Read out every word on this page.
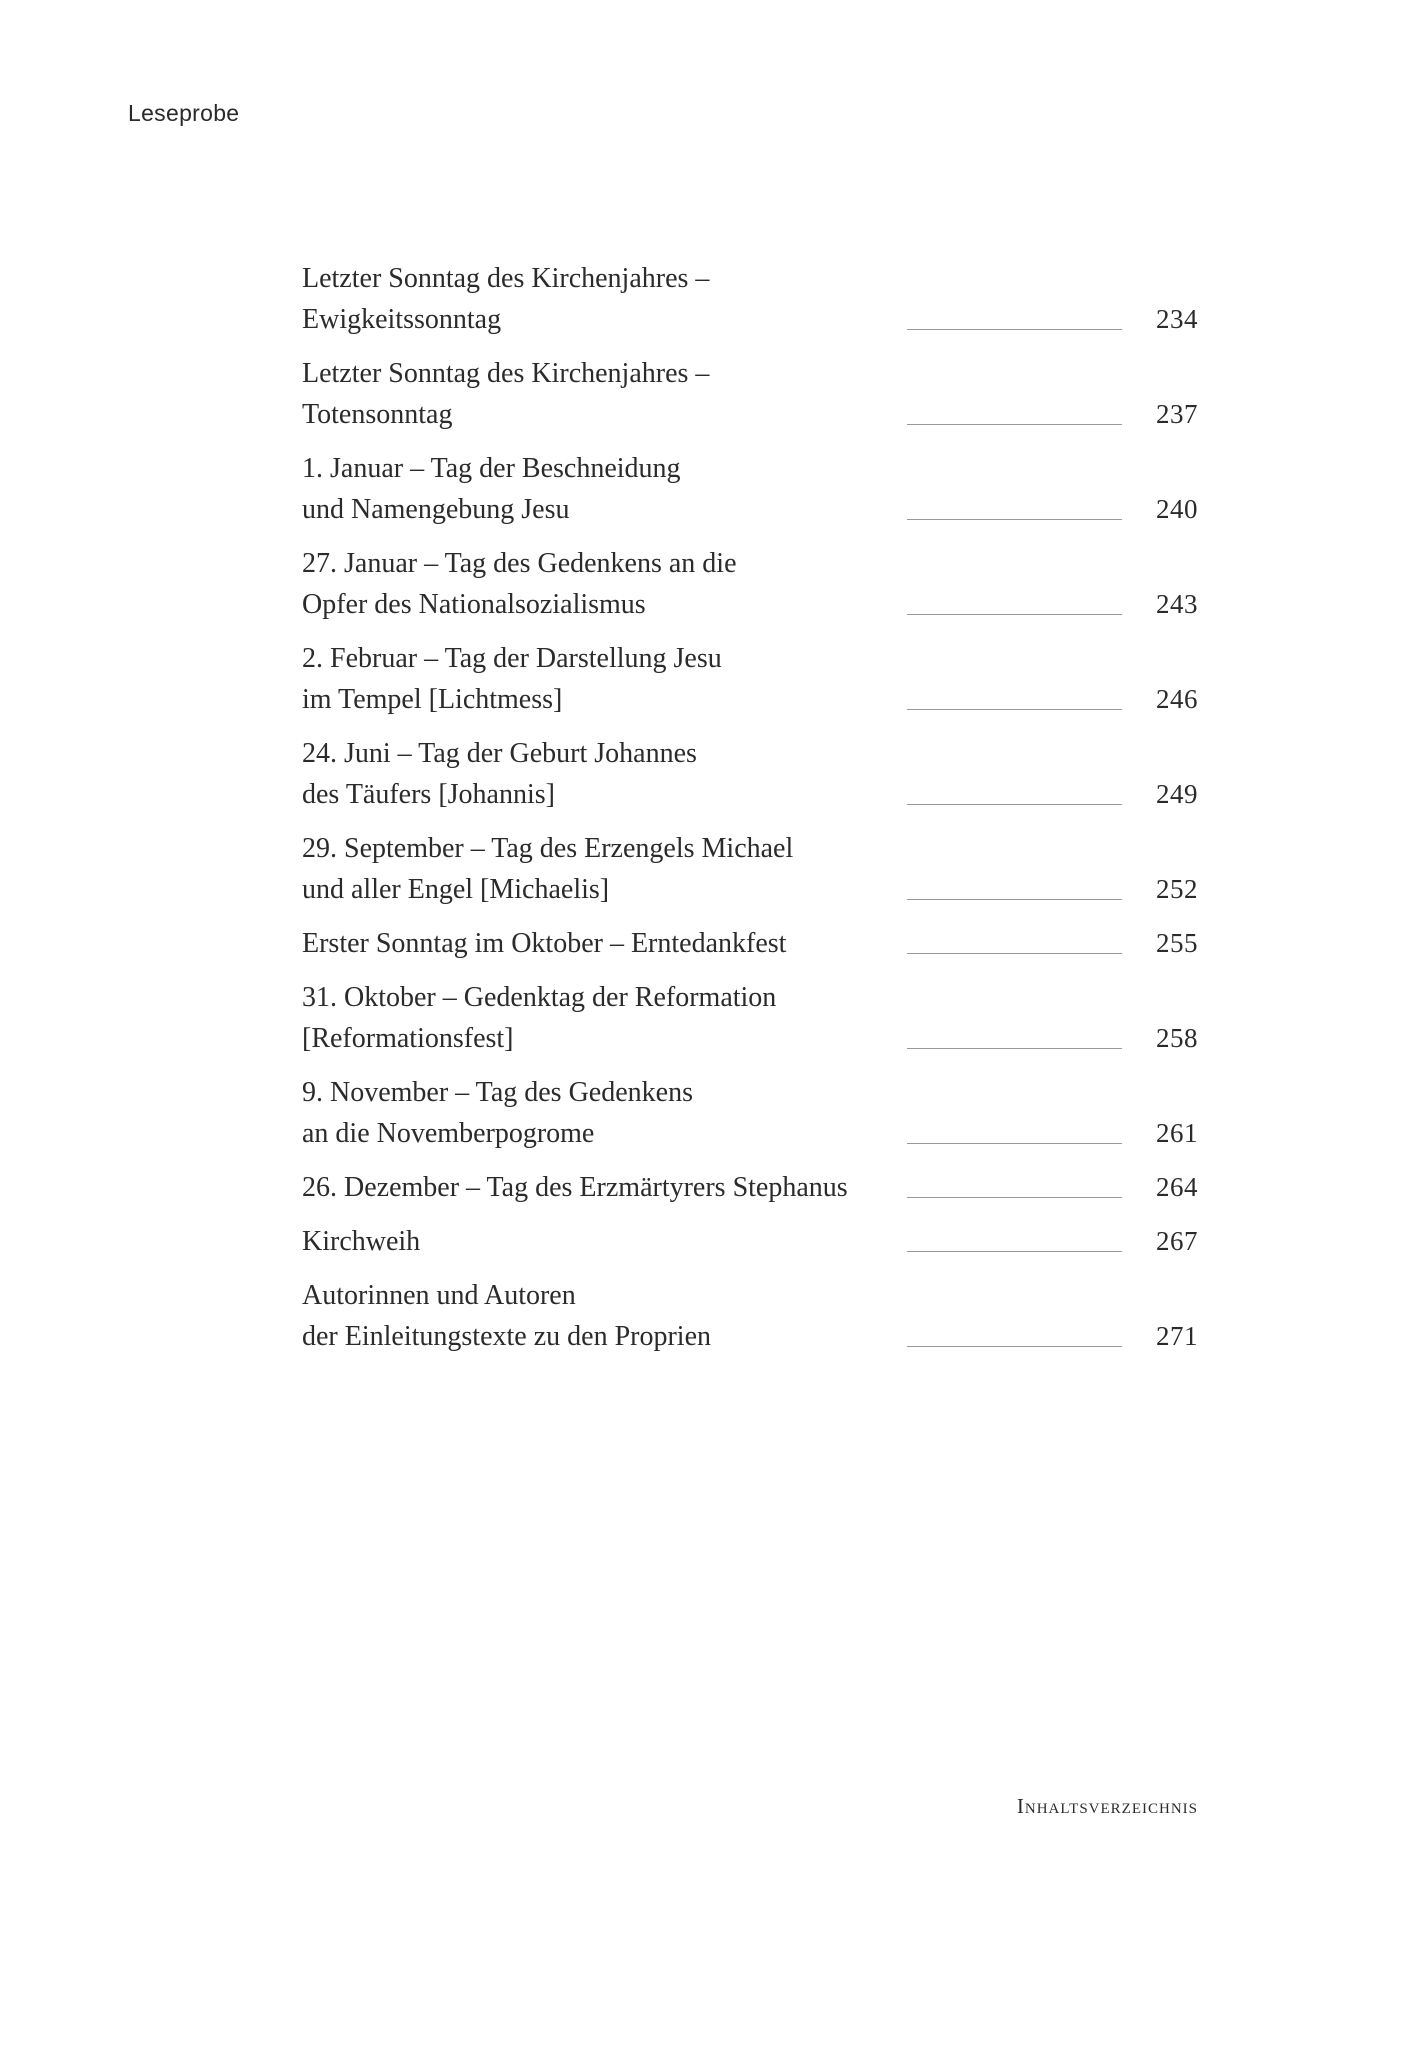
Leseprobe
Letzter Sonntag des Kirchenjahres –
Ewigkeitssonntag	234
Letzter Sonntag des Kirchenjahres –
Totensonntag	237
1. Januar – Tag der Beschneidung
und Namengebung Jesu	240
27. Januar – Tag des Gedenkens an die
Opfer des Nationalsozialismus	243
2. Februar – Tag der Darstellung Jesu
im Tempel [Lichtmess]	246
24. Juni – Tag der Geburt Johannes
des Täufers [Johannis]	249
29. September – Tag des Erzengels Michael
und aller Engel [Michaelis]	252
Erster Sonntag im Oktober – Erntedankfest	255
31. Oktober – Gedenktag der Reformation
[Reformationsfest]	258
9. November – Tag des Gedenkens
an die Novemberpogrome	261
26. Dezember – Tag des Erzmärtyrers Stephanus	264
Kirchweih	267
Autorinnen und Autoren
der Einleitungstexte zu den Proprien	271
Inhaltsverzeichnis
